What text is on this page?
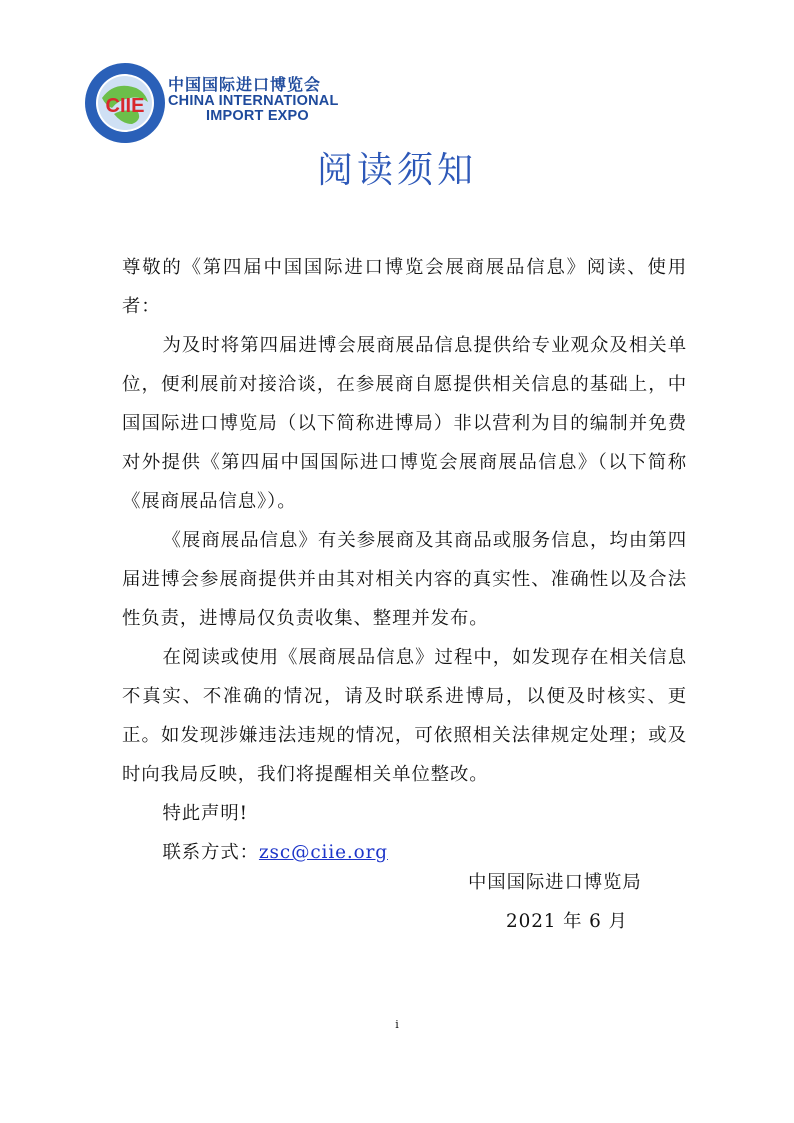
CIIE
中国国际进口博览会
CHINA INTERNATIONAL
IMPORT EXPO
阅读须知

尊敬的《第四届中国国际进口博览会展商展品信息》阅读、使用者：

为及时将第四届进博会展商展品信息提供给专业观众及相关单位，便利展前对接洽谈，在参展商自愿提供相关信息的基础上，中国国际进口博览局（以下简称进博局）非以营利为目的编制并免费对外提供《第四届中国国际进口博览会展商展品信息》（以下简称《展商展品信息》）。

《展商展品信息》有关参展商及其商品或服务信息，均由第四届进博会参展商提供并由其对相关内容的真实性、准确性以及合法性负责，进博局仅负责收集、整理并发布。

在阅读或使用《展商展品信息》过程中，如发现存在相关信息不真实、不准确的情况，请及时联系进博局，以便及时核实、更正。如发现涉嫌违法违规的情况，可依照相关法律规定处理；或及时向我局反映，我们将提醒相关单位整改。

特此声明!

联系方式：zsc@ciie.org

中国国际进口博览局
2021 年 6 月
i
